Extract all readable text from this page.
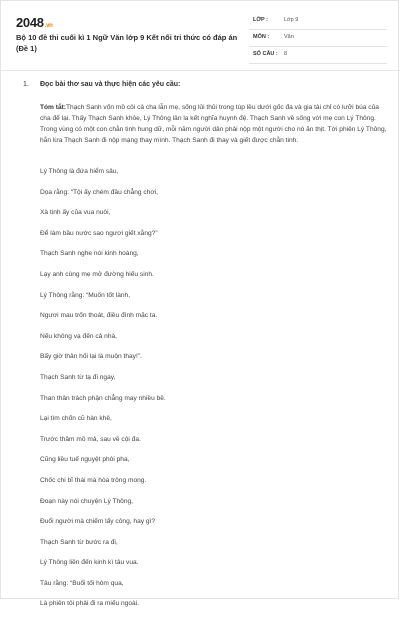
2048.vn
Bộ 10 đề thi cuối kì 1 Ngữ Văn lớp 9 Kết nối tri thức có đáp án (Đề 1)
LỚP :	Lớp 9
MÔN :	Văn
SỐ CÂU : 8
1. Đọc bài thơ sau và thực hiện các yêu cầu:
Tóm tắt:Thạch Sanh vốn mồ côi cả cha lẫn mẹ, sống lủi thủi trong túp lều dưới gốc đa và gia tài chỉ có lưỡi búa của cha để lại. Thấy Thạch Sanh khỏe, Lý Thông lân la kết nghĩa huynh đệ. Thạch Sanh về sống với mẹ con Lý Thông. Trong vùng có một con chằn tinh hung dữ, mỗi năm người dân phải nộp một người cho nó ăn thịt. Tới phiên Lý Thông, hắn lừa Thạch Sanh đi nộp mạng thay mình. Thạch Sanh đi thay và giết được chằn tinh.
Lý Thông là đứa hiểm sâu,
Dọa rằng: “Tội ấy chém đầu chẳng chơi,
Xà tinh ấy của vua nuôi,
Để làm bầu nước sao ngươi giết xằng?”
Thạch Sanh nghe nói kinh hoàng,
Lạy anh cùng mẹ mở đường hiếu sinh.
Lý Thông rằng: “Muốn tốt lành,
Ngươi mau trốn thoát, điều đình mặc ta.
Nếu không vạ đến cả nhà,
Bấy giờ thân hối lại là muộn thay!”.
Thạch Sanh từ tạ đi ngay,
Than thân trách phận chẳng may nhiều bề.
Lại tìm chốn cũ hàn khê,
Trước thâm mồ mả, sau về cội đa.
Cũng liều tuế nguyệt phôi pha,
Chốc chi bĩ thái mà hòa trông mong.
Đoạn này nói chuyện Lý Thông,
Đuổi người mà chiếm lấy công, hay gì?
Thạch Sanh từ bước ra đi,
Lý Thông liền đến kinh kì tâu vua.
Tâu rằng: “Buổi tối hôm qua,
Là phiên tôi phải đi ra miếu ngoài.
